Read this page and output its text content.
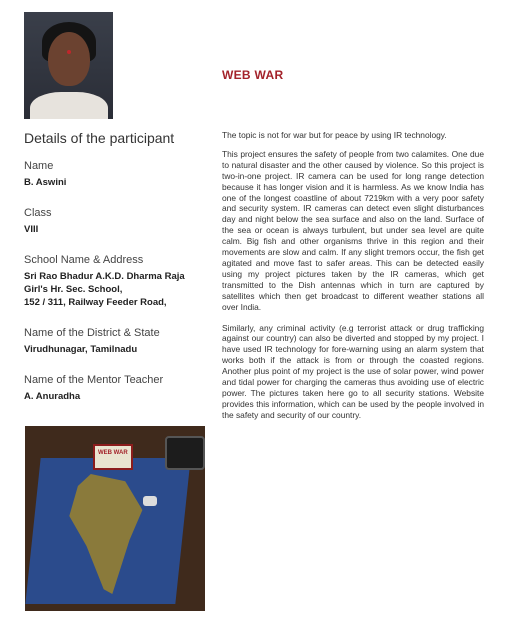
WEB WAR
Details of the participant
Name
B. Aswini
Class
VIII
School Name & Address
Sri Rao Bhadur A.K.D. Dharma Raja
Girl's Hr. Sec. School,
152 / 311, Railway Feeder Road,
Name of the District & State
Virudhunagar, Tamilnadu
Name of the Mentor Teacher
A. Anuradha

The topic is not for war but for peace by using IR technology.

This project ensures the safety of people from two calamites. One due to natural disaster and the other caused by violence. So this project is two-in-one project. IR camera can be used for long range detection because it has longer vision and it is harmless. As we know India has one of the longest coastline of about 7219km with a very poor safety and security system. IR cameras can detect even slight disturbances day and night below the sea surface and also on the land. Surface of the sea or ocean is always turbulent, but under sea level are quite calm. Big fish and other organisms thrive in this region and their movements are slow and calm. If any slight tremors occur, the fish get agitated and move fast to safer areas. This can be detected easily using my project pictures taken by the IR cameras, which get transmitted to the Dish antennas which in turn are captured by satellites which then get broadcast to different weather stations all over India.

Similarly, any criminal activity (e.g terrorist attack or drug trafficking against our country) can also be diverted and stopped by my project. I have used IR technology for fore-warning using an alarm system that works both if the attack is from or through the coasted regions. Another plus point of my project is the use of solar power, wind power and tidal power for charging the cameras thus avoiding use of electric power. The pictures taken here go to all security stations. Website provides this information, which can be used by the people involved in the safety and security of our country.

WEB WAR
